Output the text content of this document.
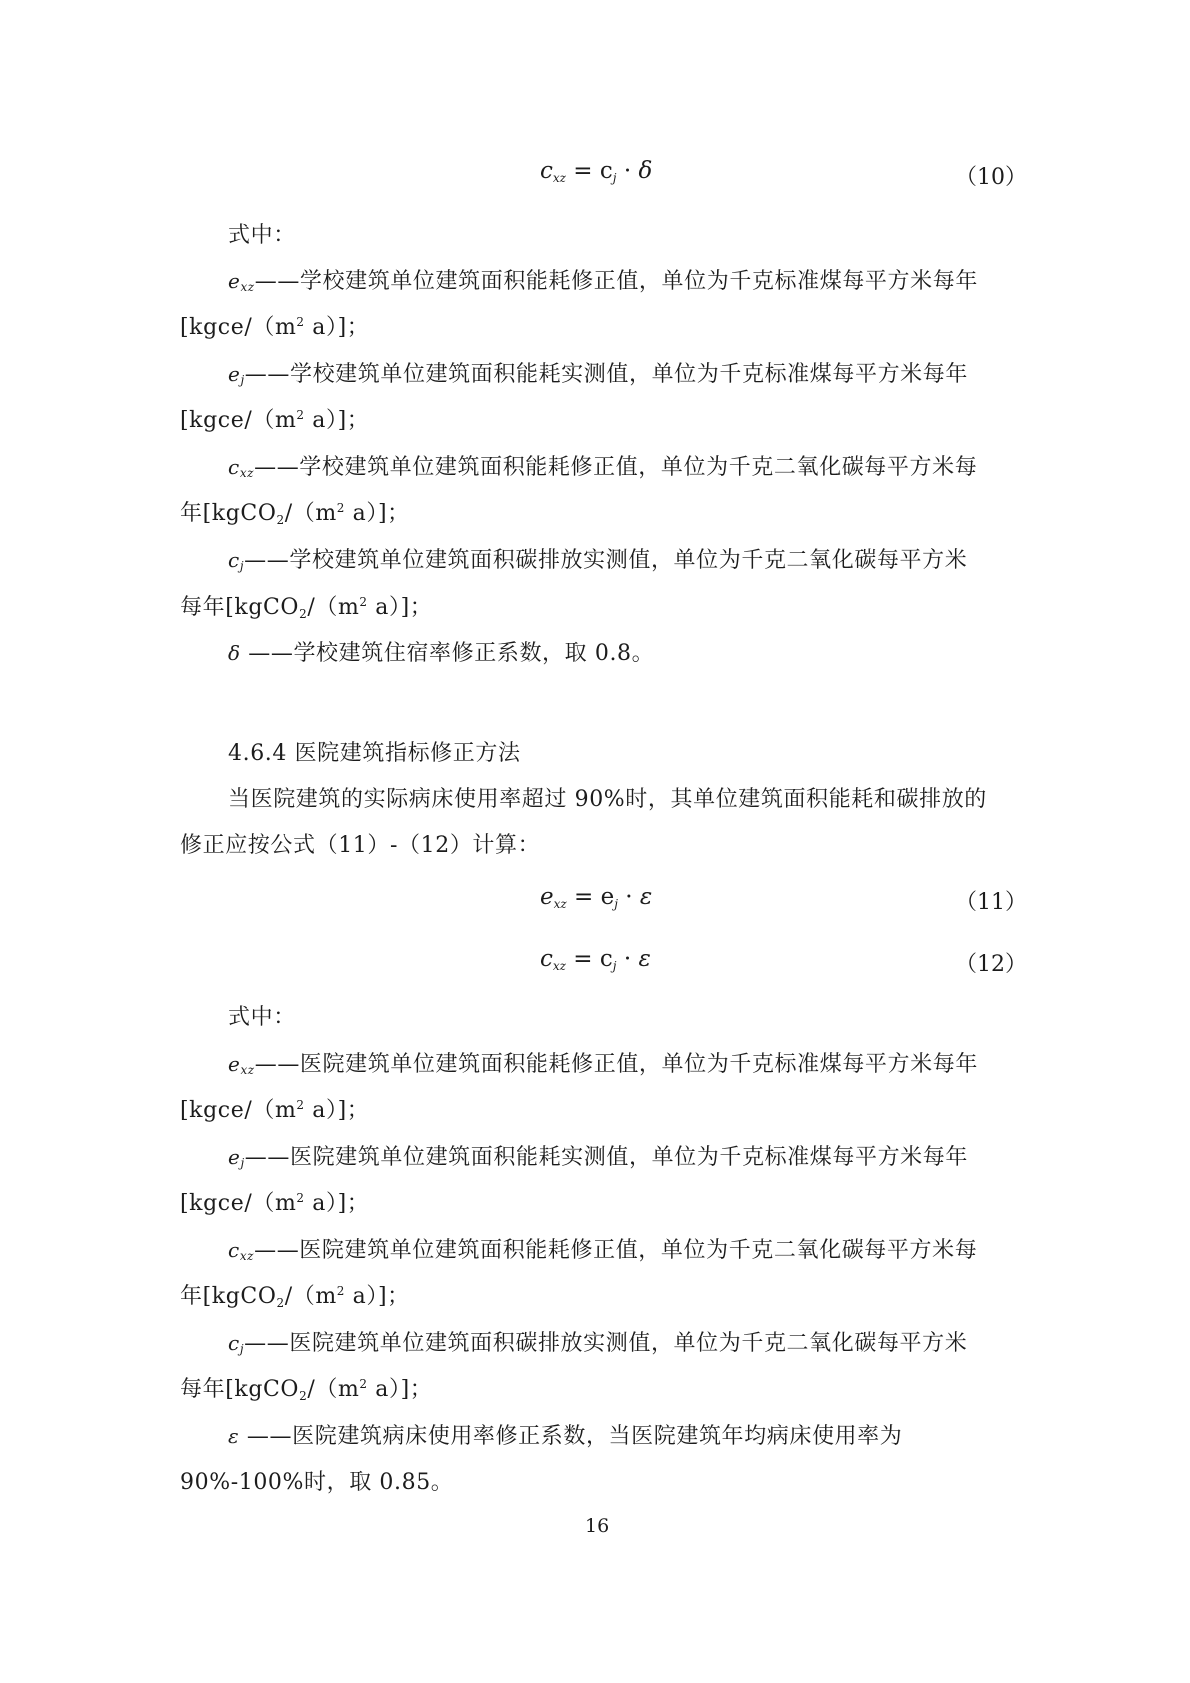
$c_{xz} = c_j \cdot \delta$	（10）
式中：
$e_{xz}——$学校建筑单位建筑面积能耗修正值，单位为千克标准煤每平方米每年
[$kgce/(m^2$ a）]；
$e_j——$学校建筑单位建筑面积能耗实测值，单位为千克标准煤每平方米每年
[$kgce/(m^2$ a）]；
$c_{xz}——$学校建筑单位建筑面积能耗修正值，单位为千克二氧化碳每平方米每
年[$kgCO_2/(m^2$ a）]；
$c_j——$学校建筑单位建筑面积碳排放实测值，单位为千克二氧化碳每平方米
每年[$kgCO_2/(m^2$ a）]；
δ ——学校建筑住宿率修正系数，取 0.8。
4.6.4 医院建筑指标修正方法
当医院建筑的实际病床使用率超过 90%时，其单位建筑面积能耗和碳排放的
修正应按公式（11）-（12）计算：
$e_{xz} = e_j \cdot \varepsilon$	（11）
$c_{xz} = c_j \cdot \varepsilon$	（12）
式中：
$e_{xz}——$医院建筑单位建筑面积能耗修正值，单位为千克标准煤每平方米每年
[$kgce/(m^2$ a）]；
$e_j——$医院建筑单位建筑面积能耗实测值，单位为千克标准煤每平方米每年
[$kgce/(m^2$ a）]；
$c_{xz}——$医院建筑单位建筑面积能耗修正值，单位为千克二氧化碳每平方米每
年[$kgCO_2/(m^2$ a）]；
$c_j——$医院建筑单位建筑面积碳排放实测值，单位为千克二氧化碳每平方米
每年[$kgCO_2/(m^2$ a）]；
ε ——医院建筑病床使用率修正系数，当医院建筑年均病床使用率为
90%-100%时，取 0.85。
16
